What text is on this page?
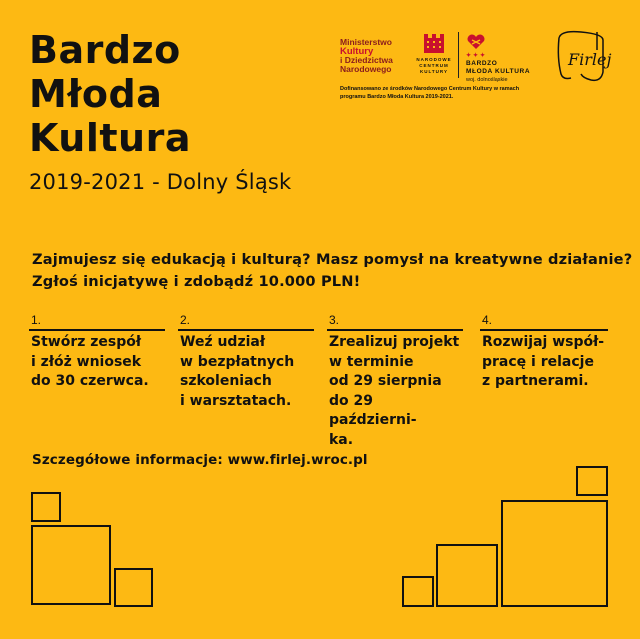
Bardzo
Młoda
Kultura
2019-2021 - Dolny Śląsk
Ministerstwo
Kultury
i Dziedzictwa
Narodowego
NARODOWE
CENTRUM
KULTURY
✦✦✦
BARDZO
MŁODA KULTURA
woj. dolnośląskie
Firlej
Dofinansowano ze środków Narodowego Centrum Kultury w ramach programu Bardzo Młoda Kultura 2019-2021.
Zajmujesz się edukacją i kulturą? Masz pomysł na kreatywne działanie?
Zgłoś inicjatywę i zdobądź 10.000 PLN!
1.
Stwórz zespół
i złóż wniosek
do 30 czerwca.
2.
Weź udział
w bezpłatnych
szkoleniach
i warsztatach.
3.
Zrealizuj projekt
w terminie
od 29 sierpnia
do 29 październi-
ka.
4.
Rozwijaj współ-
pracę i relacje
z partnerami.
Szczegółowe informacje: www.firlej.wroc.pl
